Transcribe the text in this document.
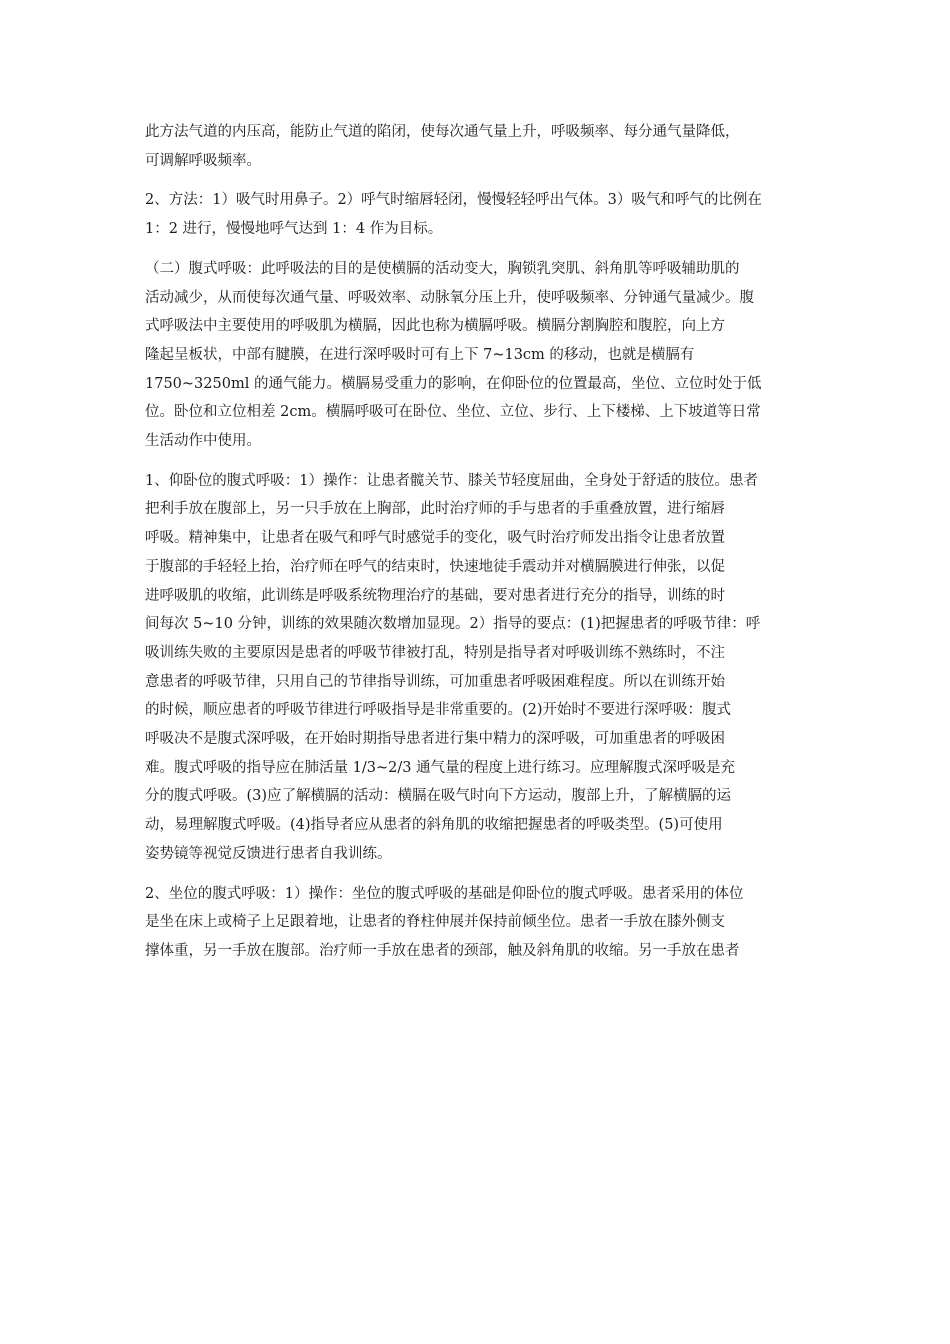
此方法气道的内压高，能防止气道的陷闭，使每次通气量上升，呼吸频率、每分通气量降低，
可调解呼吸频率。

2、方法：1）吸气时用鼻子。2）呼气时缩唇轻闭，慢慢轻轻呼出气体。3）吸气和呼气的比例在
1：2 进行，慢慢地呼气达到 1：4 作为目标。

（二）腹式呼吸：此呼吸法的目的是使横膈的活动变大，胸锁乳突肌、斜角肌等呼吸辅助肌的
活动减少，从而使每次通气量、呼吸效率、动脉氧分压上升，使呼吸频率、分钟通气量减少。腹
式呼吸法中主要使用的呼吸肌为横膈，因此也称为横膈呼吸。横膈分割胸腔和腹腔，向上方
隆起呈板状，中部有腱膜，在进行深呼吸时可有上下 7~13cm 的移动，也就是横膈有
1750~3250ml 的通气能力。横膈易受重力的影响，在仰卧位的位置最高，坐位、立位时处于低
位。卧位和立位相差 2cm。横膈呼吸可在卧位、坐位、立位、步行、上下楼梯、上下坡道等日常
生活动作中使用。

1、仰卧位的腹式呼吸：1）操作：让患者髋关节、膝关节轻度屈曲，全身处于舒适的肢位。患者
把利手放在腹部上，另一只手放在上胸部，此时治疗师的手与患者的手重叠放置，进行缩唇
呼吸。精神集中，让患者在吸气和呼气时感觉手的变化，吸气时治疗师发出指令让患者放置
于腹部的手轻轻上抬，治疗师在呼气的结束时，快速地徒手震动并对横膈膜进行伸张，以促
进呼吸肌的收缩，此训练是呼吸系统物理治疗的基础，要对患者进行充分的指导，训练的时
间每次 5~10 分钟，训练的效果随次数增加显现。2）指导的要点：(1)把握患者的呼吸节律：呼
吸训练失败的主要原因是患者的呼吸节律被打乱，特别是指导者对呼吸训练不熟练时，不注
意患者的呼吸节律，只用自己的节律指导训练，可加重患者呼吸困难程度。所以在训练开始
的时候，顺应患者的呼吸节律进行呼吸指导是非常重要的。(2)开始时不要进行深呼吸：腹式
呼吸决不是腹式深呼吸，在开始时期指导患者进行集中精力的深呼吸，可加重患者的呼吸困
难。腹式呼吸的指导应在肺活量 1/3~2/3 通气量的程度上进行练习。应理解腹式深呼吸是充
分的腹式呼吸。(3)应了解横膈的活动：横膈在吸气时向下方运动，腹部上升，了解横膈的运
动，易理解腹式呼吸。(4)指导者应从患者的斜角肌的收缩把握患者的呼吸类型。(5)可使用
姿势镜等视觉反馈进行患者自我训练。

2、坐位的腹式呼吸：1）操作：坐位的腹式呼吸的基础是仰卧位的腹式呼吸。患者采用的体位
是坐在床上或椅子上足跟着地，让患者的脊柱伸展并保持前倾坐位。患者一手放在膝外侧支
撑体重，另一手放在腹部。治疗师一手放在患者的颈部，触及斜角肌的收缩。另一手放在患者
